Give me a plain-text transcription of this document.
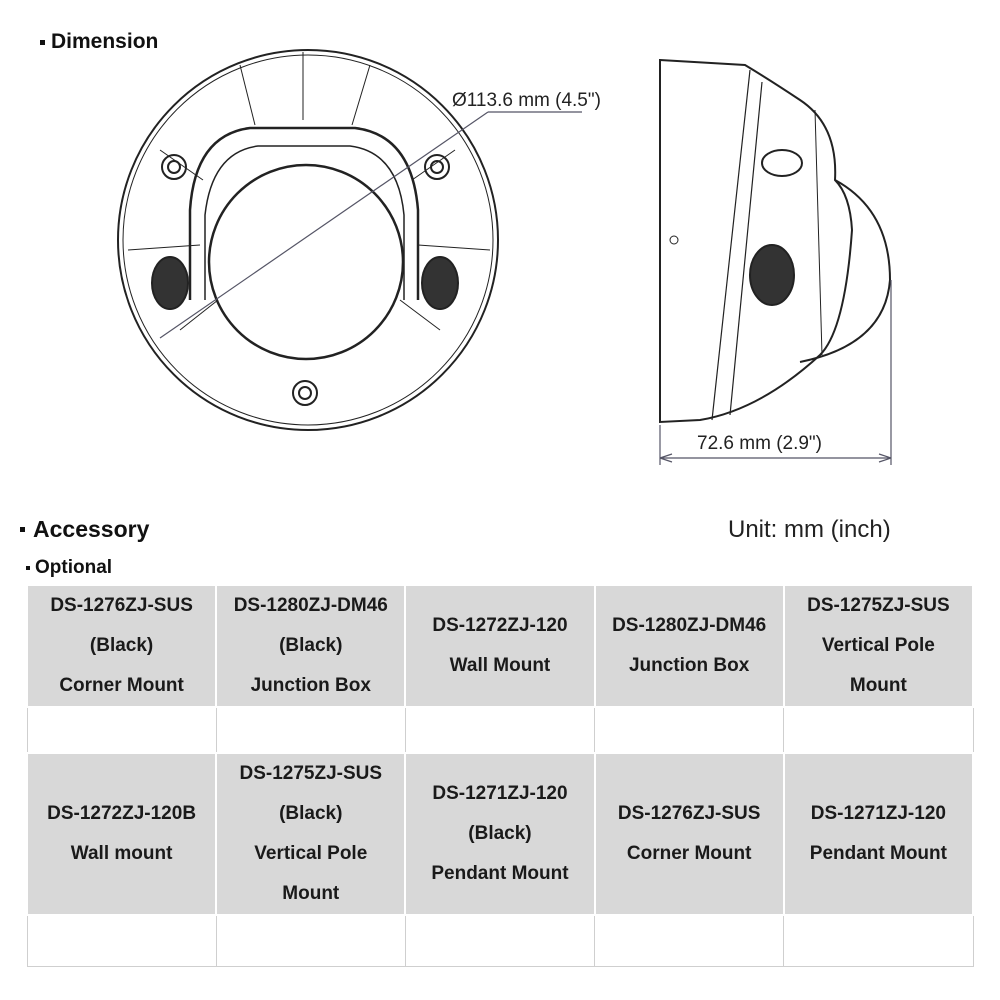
Dimension
Ø113.6 mm (4.5")
72.6 mm (2.9")
Accessory	Unit: mm (inch)
Optional
DS-1276ZJ-SUS
(Black)
Corner Mount	DS-1280ZJ-DM46
(Black)
Junction Box	DS-1272ZJ-120
Wall Mount	DS-1280ZJ-DM46
Junction Box	DS-1275ZJ-SUS
Vertical Pole
Mount

DS-1272ZJ-120B
Wall mount	DS-1275ZJ-SUS
(Black)
Vertical Pole
Mount	DS-1271ZJ-120
(Black)
Pendant Mount	DS-1276ZJ-SUS
Corner Mount	DS-1271ZJ-120
Pendant Mount
